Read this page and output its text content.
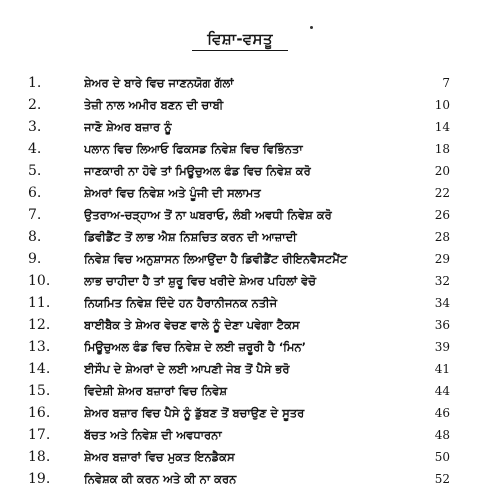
ਵਿਸ਼ਾ-ਵਸਤੂ
1.	ਸ਼ੇਅਰ ਦੇ ਬਾਰੇ ਵਿਚ ਜਾਣਨਯੋਗ ਗੱਲਾਂ	7
2.	ਤੇਜ਼ੀ ਨਾਲ ਅਮੀਰ ਬਣਨ ਦੀ ਚਾਬੀ	10
3.	ਜਾਣੋ ਸ਼ੇਅਰ ਬਜ਼ਾਰ ਨੂੰ	14
4.	ਪਲਾਨ ਵਿਚ ਲਿਆਓ ਫਿਕਸਡ ਨਿਵੇਸ਼ ਵਿਚ ਵਿਭਿੰਨਤਾ	18
5.	ਜਾਣਕਾਰੀ ਨਾ ਹੋਵੇ ਤਾਂ ਮਿਊਚੁਅਲ ਫੰਡ ਵਿਚ ਨਿਵੇਸ਼ ਕਰੋ	20
6.	ਸ਼ੇਅਰਾਂ ਵਿਚ ਨਿਵੇਸ਼ ਅਤੇ ਪੂੰਜੀ ਦੀ ਸਲਾਮਤ	22
7.	ਉਤਰਾਅ-ਚੜ੍ਹਾਅ ਤੋਂ ਨਾ ਘਬਰਾਓ, ਲੰਬੀ ਅਵਧੀ ਨਿਵੇਸ਼ ਕਰੋ	26
8.	ਡਿਵੀਡੈਂਟ ਤੋਂ ਲਾਭ ਐਸ਼ ਨਿਸ਼ਚਿਤ ਕਰਨ ਦੀ ਆਜ਼ਾਦੀ	28
9.	ਨਿਵੇਸ਼ ਵਿਚ ਅਨੁਸ਼ਾਸਨ ਲਿਆਉਂਦਾ ਹੈ ਡਿਵੀਡੈਂਟ ਰੀਇਨਵੈਸਟਮੈਂਟ	29
10.	ਲਾਭ ਚਾਹੀਦਾ ਹੈ ਤਾਂ ਸ਼ੁਰੂ ਵਿਚ ਖਰੀਦੇ ਸ਼ੇਅਰ ਪਹਿਲਾਂ ਵੇਚੋ	32
11.	ਨਿਯਮਿਤ ਨਿਵੇਸ਼ ਦਿੰਦੇ ਹਨ ਹੈਰਾਨੀਜਨਕ ਨਤੀਜੇ	34
12.	ਬਾਈਬੈਕ ਤੇ ਸ਼ੇਅਰ ਵੇਚਣ ਵਾਲੇ ਨੂੰ ਦੇਣਾ ਪਵੇਗਾ ਟੈਕਸ	36
13.	ਮਿਊਚੁਅਲ ਫੰਡ ਵਿਚ ਨਿਵੇਸ਼ ਦੇ ਲਈ ਜ਼ਰੂਰੀ ਹੈ ‘ਮਿਨ’	39
14.	ਈਸੌਪ ਦੇ ਸ਼ੇਅਰਾਂ ਦੇ ਲਈ ਆਪਣੀ ਜੇਬ ਤੋਂ ਪੈਸੇ ਭਰੋ	41
15.	ਵਿਦੇਸ਼ੀ ਸ਼ੇਅਰ ਬਜ਼ਾਰਾਂ ਵਿਚ ਨਿਵੇਸ਼	44
16.	ਸ਼ੇਅਰ ਬਜ਼ਾਰ ਵਿਚ ਪੈਸੇ ਨੂੰ ਡੁੱਬਣ ਤੋਂ ਬਚਾਉਣ ਦੇ ਸੂਤਰ	46
17.	ਬੱਚਤ ਅਤੇ ਨਿਵੇਸ਼ ਦੀ ਅਵਧਾਰਨਾ	48
18.	ਸ਼ੇਅਰ ਬਜ਼ਾਰਾਂ ਵਿਚ ਮੁਕਤ ਇਨਡੈਕਸ	50
19.	ਨਿਵੇਸ਼ਕ ਕੀ ਕਰਨ ਅਤੇ ਕੀ ਨਾ ਕਰਨ	52
